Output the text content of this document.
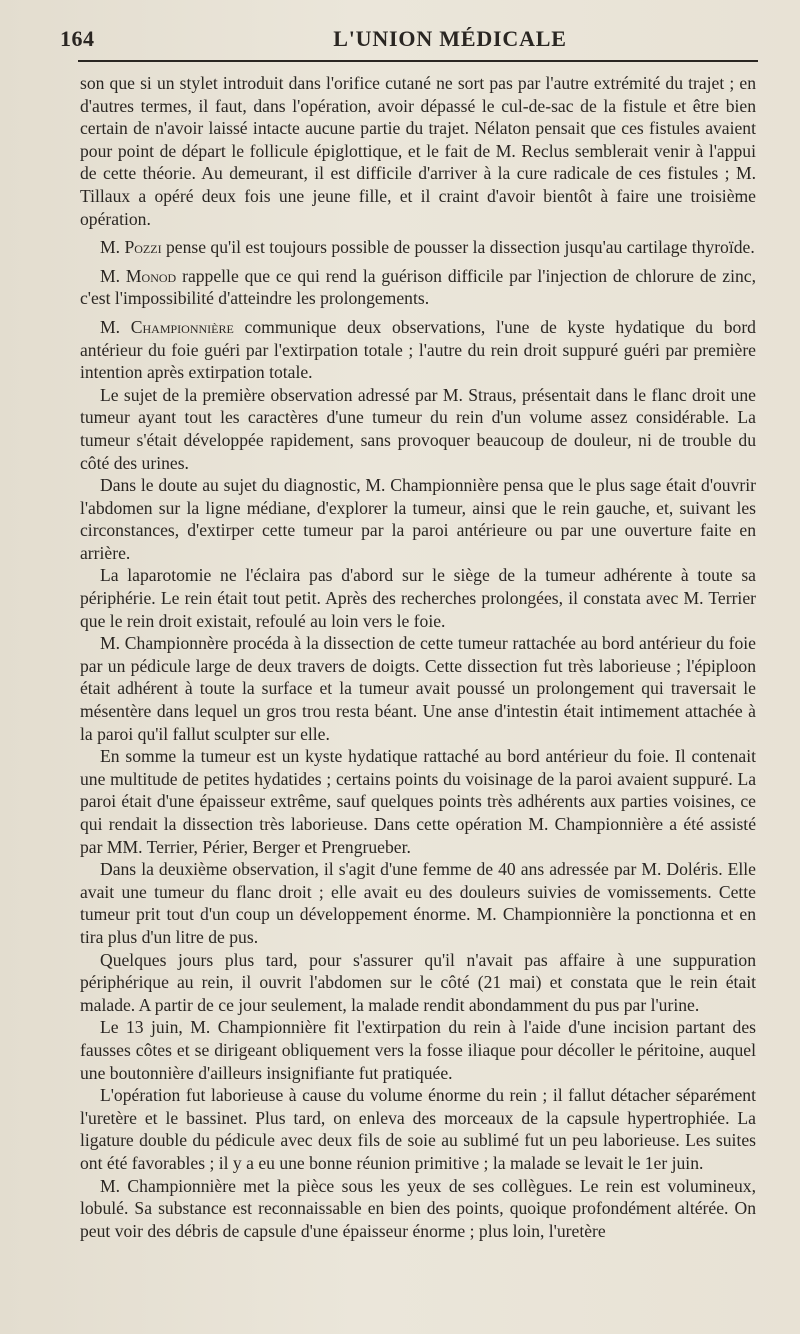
164	L'UNION MÉDICALE

son que si un stylet introduit dans l'orifice cutané ne sort pas par l'autre extrémité du trajet ; en d'autres termes, il faut, dans l'opération, avoir dépassé le cul-de-sac de la fistule et être bien certain de n'avoir laissé intacte aucune partie du trajet. Nélaton pensait que ces fistules avaient pour point de départ le follicule épiglottique, et le fait de M. Reclus semblerait venir à l'appui de cette théorie. Au demeurant, il est difficile d'arriver à la cure radicale de ces fistules ; M. Tillaux a opéré deux fois une jeune fille, et il craint d'avoir bientôt à faire une troisième opération.

M. Pozzi pense qu'il est toujours possible de pousser la dissection jusqu'au cartilage thyroïde.

M. Monod rappelle que ce qui rend la guérison difficile par l'injection de chlorure de zinc, c'est l'impossibilité d'atteindre les prolongements.

M. Championnière communique deux observations, l'une de kyste hydatique du bord antérieur du foie guéri par l'extirpation totale ; l'autre du rein droit suppuré guéri par première intention après extirpation totale.

Le sujet de la première observation adressé par M. Straus, présentait dans le flanc droit une tumeur ayant tout les caractères d'une tumeur du rein d'un volume assez considérable. La tumeur s'était développée rapidement, sans provoquer beaucoup de douleur, ni de trouble du côté des urines.

Dans le doute au sujet du diagnostic, M. Championnière pensa que le plus sage était d'ouvrir l'abdomen sur la ligne médiane, d'explorer la tumeur, ainsi que le rein gauche, et, suivant les circonstances, d'extirper cette tumeur par la paroi antérieure ou par une ouverture faite en arrière.

La laparotomie ne l'éclaira pas d'abord sur le siège de la tumeur adhérente à toute sa périphérie. Le rein était tout petit. Après des recherches prolongées, il constata avec M. Terrier que le rein droit existait, refoulé au loin vers le foie.

M. Championnère procéda à la dissection de cette tumeur rattachée au bord antérieur du foie par un pédicule large de deux travers de doigts. Cette dissection fut très laborieuse ; l'épiploon était adhérent à toute la surface et la tumeur avait poussé un prolongement qui traversait le mésentère dans lequel un gros trou resta béant. Une anse d'intestin était intimement attachée à la paroi qu'il fallut sculpter sur elle.

En somme la tumeur est un kyste hydatique rattaché au bord antérieur du foie. Il contenait une multitude de petites hydatides ; certains points du voisinage de la paroi avaient suppuré. La paroi était d'une épaisseur extrême, sauf quelques points très adhérents aux parties voisines, ce qui rendait la dissection très laborieuse. Dans cette opération M. Championnière a été assisté par MM. Terrier, Périer, Berger et Prengrueber.

Dans la deuxième observation, il s'agit d'une femme de 40 ans adressée par M. Doléris. Elle avait une tumeur du flanc droit ; elle avait eu des douleurs suivies de vomissements. Cette tumeur prit tout d'un coup un développement énorme. M. Championnière la ponctionna et en tira plus d'un litre de pus.

Quelques jours plus tard, pour s'assurer qu'il n'avait pas affaire à une suppuration périphérique au rein, il ouvrit l'abdomen sur le côté (21 mai) et constata que le rein était malade. A partir de ce jour seulement, la malade rendit abondamment du pus par l'urine.

Le 13 juin, M. Championnière fit l'extirpation du rein à l'aide d'une incision partant des fausses côtes et se dirigeant obliquement vers la fosse iliaque pour décoller le péritoine, auquel une boutonnière d'ailleurs insignifiante fut pratiquée.

L'opération fut laborieuse à cause du volume énorme du rein ; il fallut détacher séparément l'uretère et le bassinet. Plus tard, on enleva des morceaux de la capsule hypertrophiée. La ligature double du pédicule avec deux fils de soie au sublimé fut un peu laborieuse. Les suites ont été favorables ; il y a eu une bonne réunion primitive ; la malade se levait le 1er juin.

M. Championnière met la pièce sous les yeux de ses collègues. Le rein est volumineux, lobulé. Sa substance est reconnaissable en bien des points, quoique profondément altérée. On peut voir des débris de capsule d'une épaisseur énorme ; plus loin, l'uretère
